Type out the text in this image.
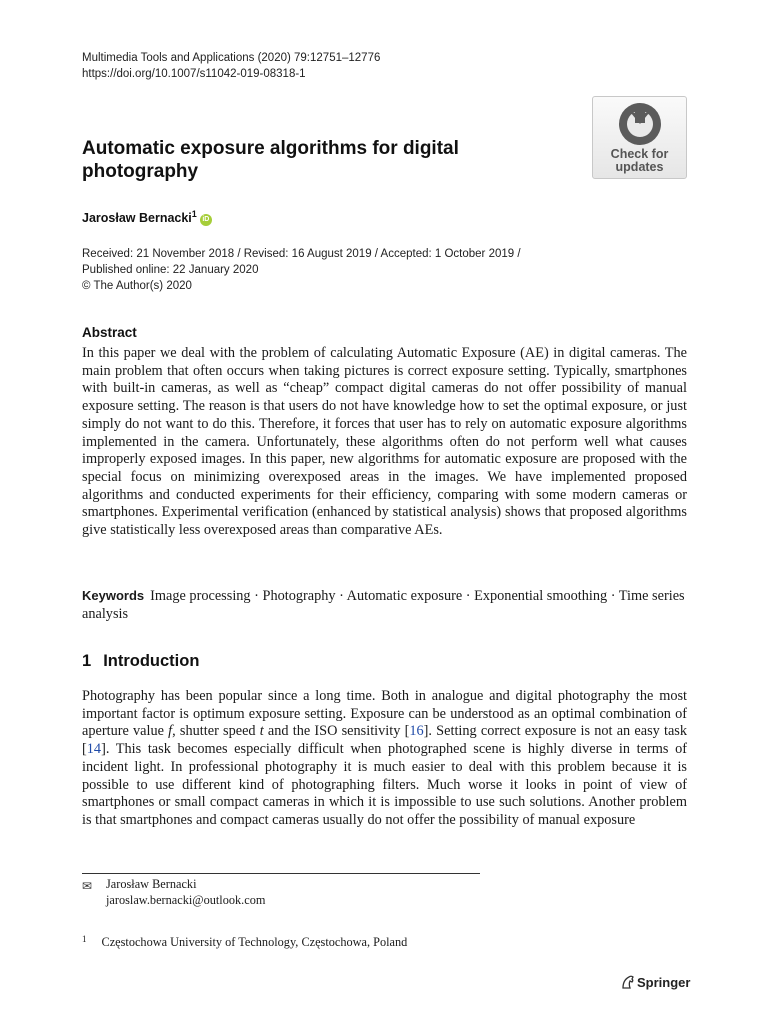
Multimedia Tools and Applications (2020) 79:12751–12776
https://doi.org/10.1007/s11042-019-08318-1
Check for
updates
Automatic exposure algorithms for digital photography
Jarosław Bernacki$^1$iD
Received: 21 November 2018 / Revised: 16 August 2019 / Accepted: 1 October 2019 /
Published online: 22 January 2020
© The Author(s) 2020
Abstract

In this paper we deal with the problem of calculating Automatic Exposure (AE) in digital cameras. The main problem that often occurs when taking pictures is correct exposure setting. Typically, smartphones with built-in cameras, as well as “cheap” compact digital cameras do not offer possibility of manual exposure setting. The reason is that users do not have knowledge how to set the optimal exposure, or just simply do not want to do this. Therefore, it forces that user has to rely on automatic exposure algorithms implemented in the camera. Unfortunately, these algorithms often do not perform well what causes improperly exposed images. In this paper, new algorithms for automatic exposure are proposed with the special focus on minimizing overexposed areas in the images. We have implemented proposed algorithms and conducted experiments for their efficiency, comparing with some modern cameras or smartphones. Experimental verification (enhanced by statistical analysis) shows that proposed algorithms give statistically less overexposed areas than comparative AEs.

Keywords Image processing · Photography · Automatic exposure · Exponential smoothing · Time series analysis
1 Introduction

Photography has been popular since a long time. Both in analogue and digital photography the most important factor is optimum exposure setting. Exposure can be understood as an optimal combination of aperture value f, shutter speed t and the ISO sensitivity [16]. Setting correct exposure is not an easy task [14]. This task becomes especially difficult when photographed scene is highly diverse in terms of incident light. In professional photography it is much easier to deal with this problem because it is possible to use different kind of photographing filters. Much worse it looks in point of view of smartphones or small compact cameras in which it is impossible to use such solutions. Another problem is that smartphones and compact cameras usually do not offer the possibility of manual exposure

✉	Jarosław Bernacki
jaroslaw.bernacki@outlook.com
$^1$ Częstochowa University of Technology, Częstochowa, Poland
Springer
